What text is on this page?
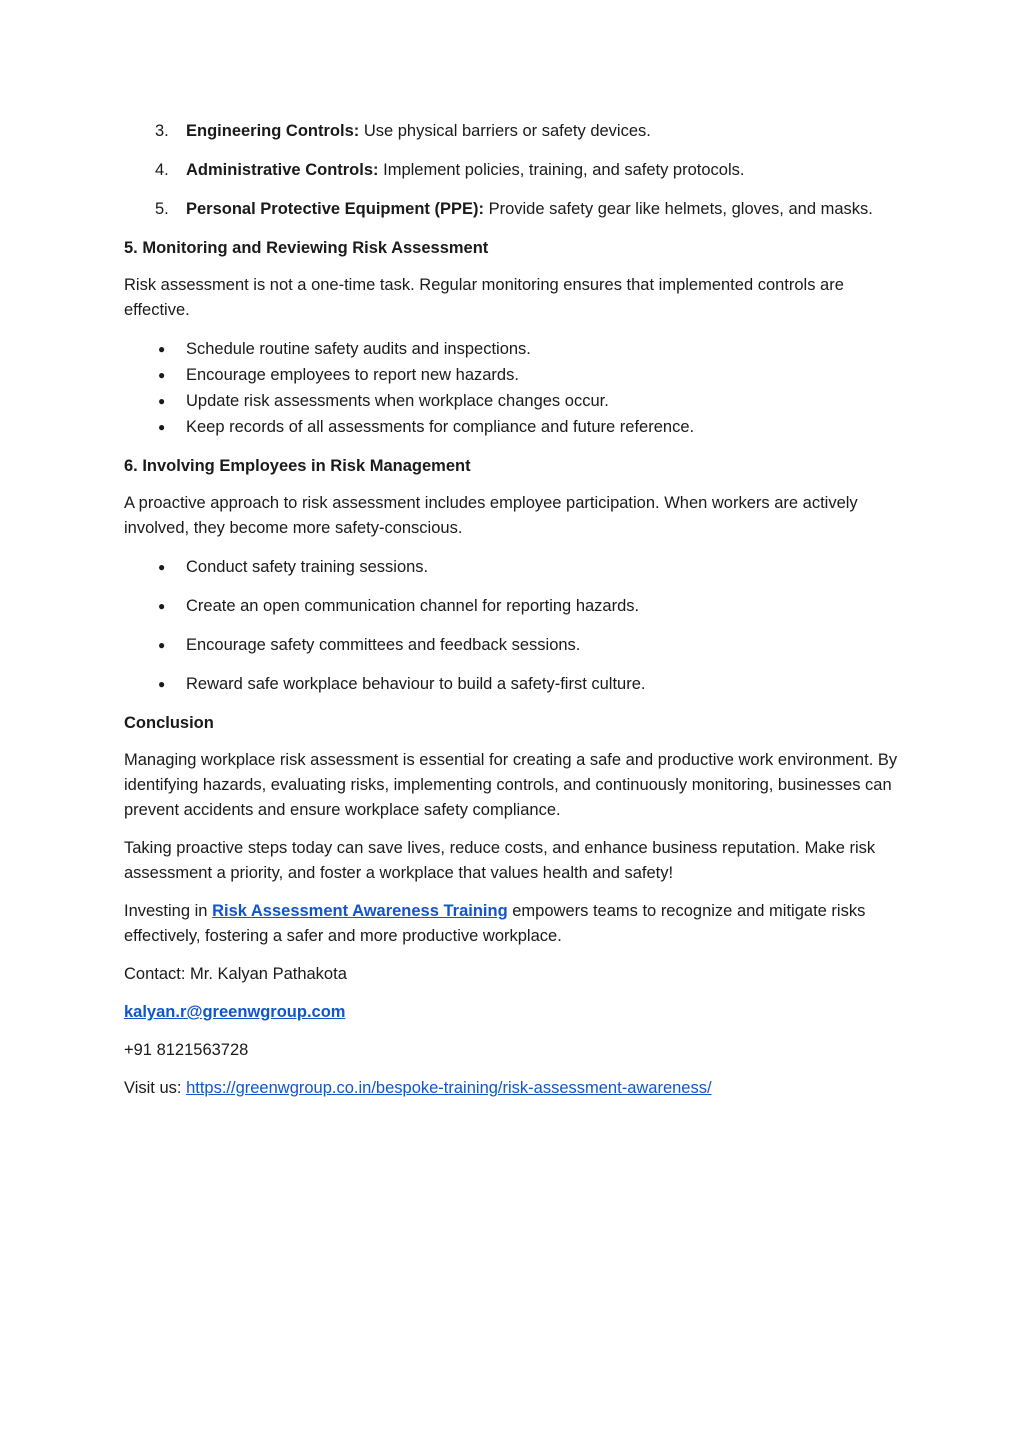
3.	Engineering Controls: Use physical barriers or safety devices.
4.	Administrative Controls: Implement policies, training, and safety protocols.
5.	Personal Protective Equipment (PPE): Provide safety gear like helmets, gloves, and masks.
5. Monitoring and Reviewing Risk Assessment
Risk assessment is not a one-time task. Regular monitoring ensures that implemented controls are effective.
●	Schedule routine safety audits and inspections.
●	Encourage employees to report new hazards.
●	Update risk assessments when workplace changes occur.
●	Keep records of all assessments for compliance and future reference.
6. Involving Employees in Risk Management
A proactive approach to risk assessment includes employee participation. When workers are actively involved, they become more safety-conscious.
●	Conduct safety training sessions.
●	Create an open communication channel for reporting hazards.
●	Encourage safety committees and feedback sessions.
●	Reward safe workplace behaviour to build a safety-first culture.
Conclusion
Managing workplace risk assessment is essential for creating a safe and productive work environment. By identifying hazards, evaluating risks, implementing controls, and continuously monitoring, businesses can prevent accidents and ensure workplace safety compliance.
Taking proactive steps today can save lives, reduce costs, and enhance business reputation. Make risk assessment a priority, and foster a workplace that values health and safety!
Investing in Risk Assessment Awareness Training empowers teams to recognize and mitigate risks effectively, fostering a safer and more productive workplace.
Contact: Mr. Kalyan Pathakota
kalyan.r@greenwgroup.com
+91 8121563728
Visit us: https://greenwgroup.co.in/bespoke-training/risk-assessment-awareness/
